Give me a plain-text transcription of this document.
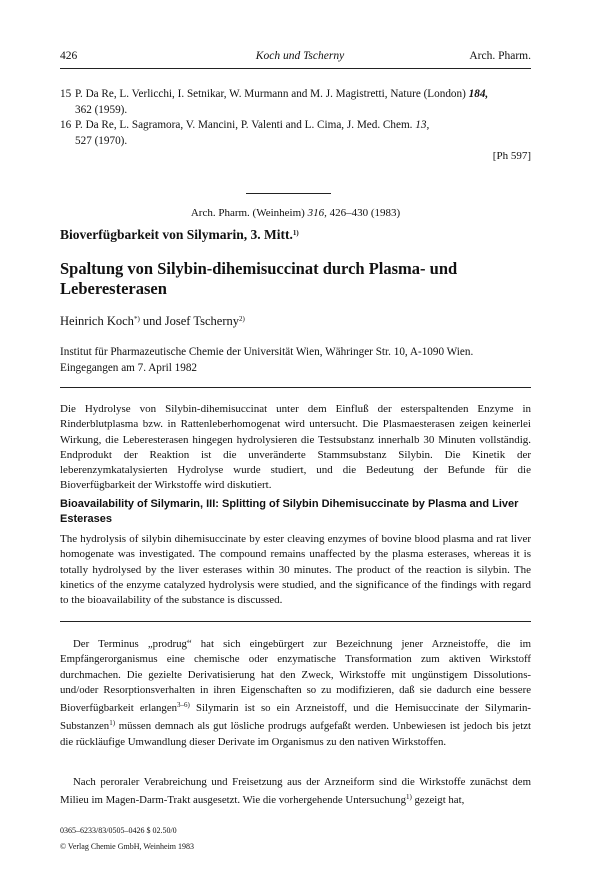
426	Koch und Tscherny	Arch. Pharm.
15 P. Da Re, L. Verlicchi, I. Setnikar, W. Murmann and M. J. Magistretti, Nature (London) 184,
362 (1959).
16 P. Da Re, L. Sagramora, V. Mancini, P. Valenti and L. Cima, J. Med. Chem. 13,
527 (1970).
[Ph 597]
Arch. Pharm. (Weinheim) 316, 426–430 (1983)
Bioverfügbarkeit von Silymarin, 3. Mitt.$^{1)}$
Spaltung von Silybin-dihemisuccinat durch Plasma- und
Leberesterasen
Heinrich Koch*) und Josef Tscherny$^{2)}$
Institut für Pharmazeutische Chemie der Universität Wien, Währinger Str. 10, A-1090 Wien.
Eingegangen am 7. April 1982
Die Hydrolyse von Silybin-dihemisuccinat unter dem Einfluß der esterspaltenden Enzyme in Rinderblutplasma bzw. in Rattenleberhomogenat wird untersucht. Die Plasmaesterasen zeigen keinerlei Wirkung, die Leberesterasen hingegen hydrolysieren die Testsubstanz innerhalb 30 Minuten vollständig. Endprodukt der Reaktion ist die unveränderte Stammsubstanz Silybin. Die Kinetik der leberenzymkatalysierten Hydrolyse wurde studiert, und die Bedeutung der Befunde für die Bioverfügbarkeit der Wirkstoffe wird diskutiert.
Bioavailability of Silymarin, III: Splitting of Silybin Dihemisuccinate by Plasma and Liver Esterases
The hydrolysis of silybin dihemisuccinate by ester cleaving enzymes of bovine blood plasma and rat liver homogenate was investigated. The compound remains unaffected by the plasma esterases, whereas it is totally hydrolysed by the liver esterases within 30 minutes. The product of the reaction is silybin. The kinetics of the enzyme catalyzed hydrolysis were studied, and the significance of the findings with regard to the bioavailability of the substance is discussed.
Der Terminus „prodrug“ hat sich eingebürgert zur Bezeichnung jener Arzneistoffe, die im Empfängerorganismus eine chemische oder enzymatische Transformation zum aktiven Wirkstoff durchmachen. Die gezielte Derivatisierung hat den Zweck, Wirkstoffe mit ungünstigem Dissolutions- und/oder Resorptionsverhalten in ihren Eigenschaften so zu modifizieren, daß sie dadurch eine bessere Bioverfügbarkeit erlangen$^{3-6)}$ Silymarin ist so ein Arzneistoff, und die Hemisuccinate der Silymarin-Substanzen$^{1)}$ müssen demnach als gut lösliche prodrugs aufgefaßt werden. Unbewiesen ist jedoch bis jetzt die rückläufige Umwandlung dieser Derivate im Organismus zu den nativen Wirkstoffen.
Nach peroraler Verabreichung und Freisetzung aus der Arzneiform sind die Wirkstoffe zunächst dem Milieu im Magen-Darm-Trakt ausgesetzt. Wie die vorhergehende Untersuchung$^{1)}$ gezeigt hat,
0365–6233/83/0505–0426 $ 02.50/0
© Verlag Chemie GmbH, Weinheim 1983
